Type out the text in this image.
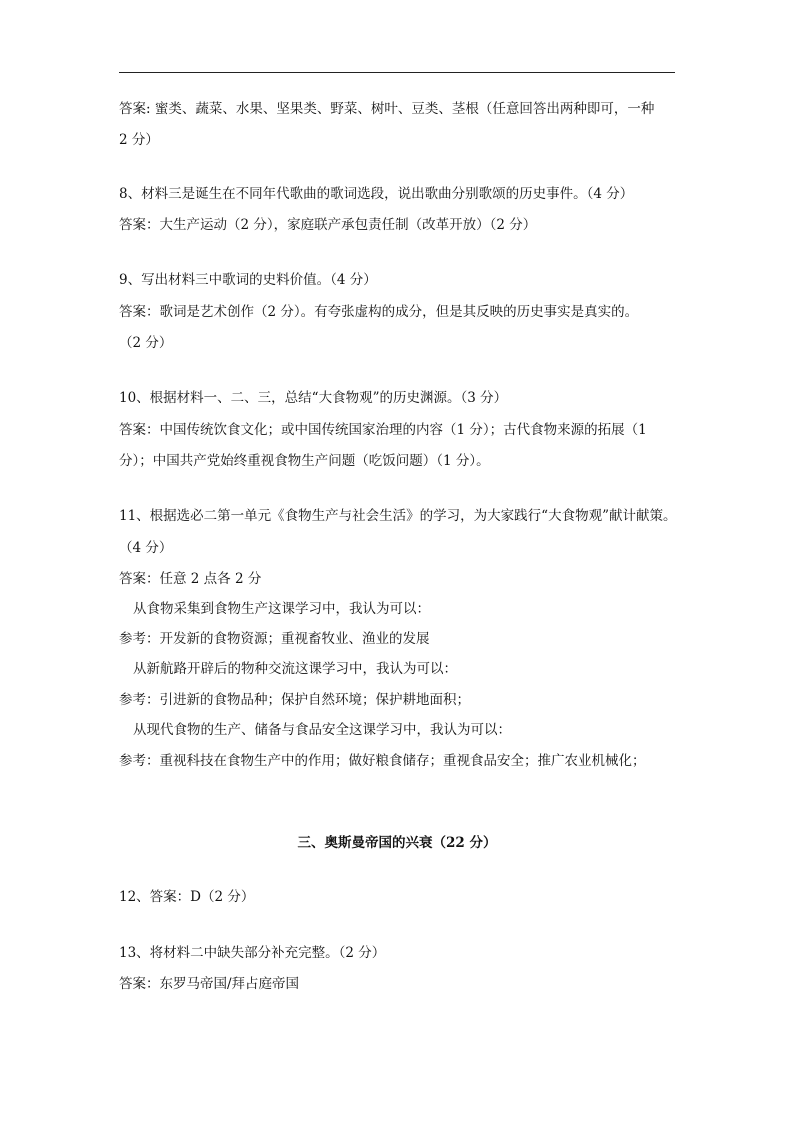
答案: 蜜类、蔬菜、水果、坚果类、野菜、树叶、豆类、茎根（任意回答出两种即可，一种
2 分）
8、材料三是诞生在不同年代歌曲的歌词选段，说出歌曲分别歌颂的历史事件。（4 分）
答案：大生产运动（2 分），家庭联产承包责任制（改革开放）（2 分）
9、写出材料三中歌词的史料价值。（4 分）
答案：歌词是艺术创作（2 分）。有夸张虚构的成分，但是其反映的历史事实是真实的。
（2 分）
10、根据材料一、二、三，总结“大食物观”的历史渊源。（3 分）
答案：中国传统饮食文化；或中国传统国家治理的内容（1 分）；古代食物来源的拓展（1
分）；中国共产党始终重视食物生产问题（吃饭问题）（1 分）。
11、根据选必二第一单元《食物生产与社会生活》的学习，为大家践行“大食物观”献计献策。
（4 分）
答案：任意 2 点各 2 分
从食物采集到食物生产这课学习中，我认为可以：
参考：开发新的食物资源；重视畜牧业、渔业的发展
从新航路开辟后的物种交流这课学习中，我认为可以：
参考：引进新的食物品种；保护自然环境；保护耕地面积；
从现代食物的生产、储备与食品安全这课学习中，我认为可以：
参考：重视科技在食物生产中的作用；做好粮食储存；重视食品安全；推广农业机械化；
三、奥斯曼帝国的兴衰（22 分）
12、答案：D（2 分）
13、将材料二中缺失部分补充完整。（2 分）
答案：东罗马帝国/拜占庭帝国
